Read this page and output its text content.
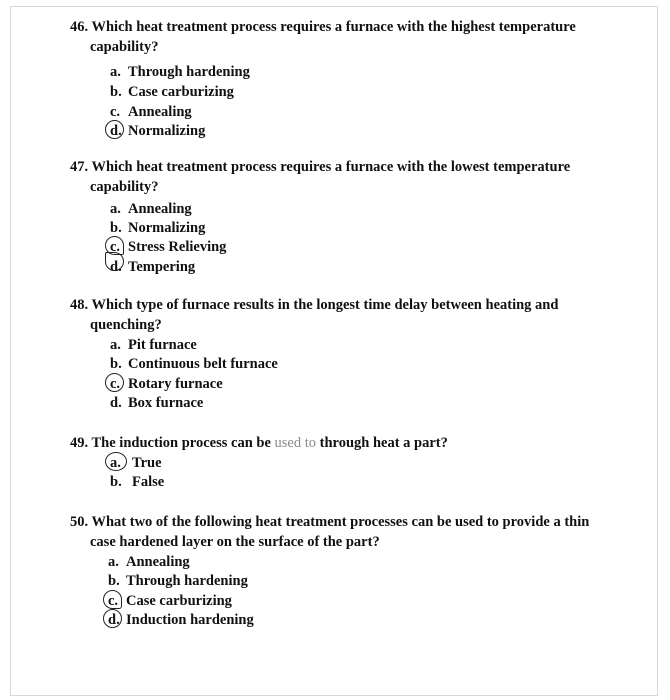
46. Which heat treatment process requires a furnace with the highest temperature
capability?
a. Through hardening
b. Case carburizing
c. Annealing
d. Normalizing
47. Which heat treatment process requires a furnace with the lowest temperature
capability?
a. Annealing
b. Normalizing
c. Stress Relieving
d. Tempering
48. Which type of furnace results in the longest time delay between heating and
quenching?
a. Pit furnace
b. Continuous belt furnace
c. Rotary furnace
d. Box furnace
49. The induction process can be used to through heat a part?
a. True
b. False
50. What two of the following heat treatment processes can be used to provide a thin
case hardened layer on the surface of the part?
a. Annealing
b. Through hardening
c. Case carburizing
d. Induction hardening
